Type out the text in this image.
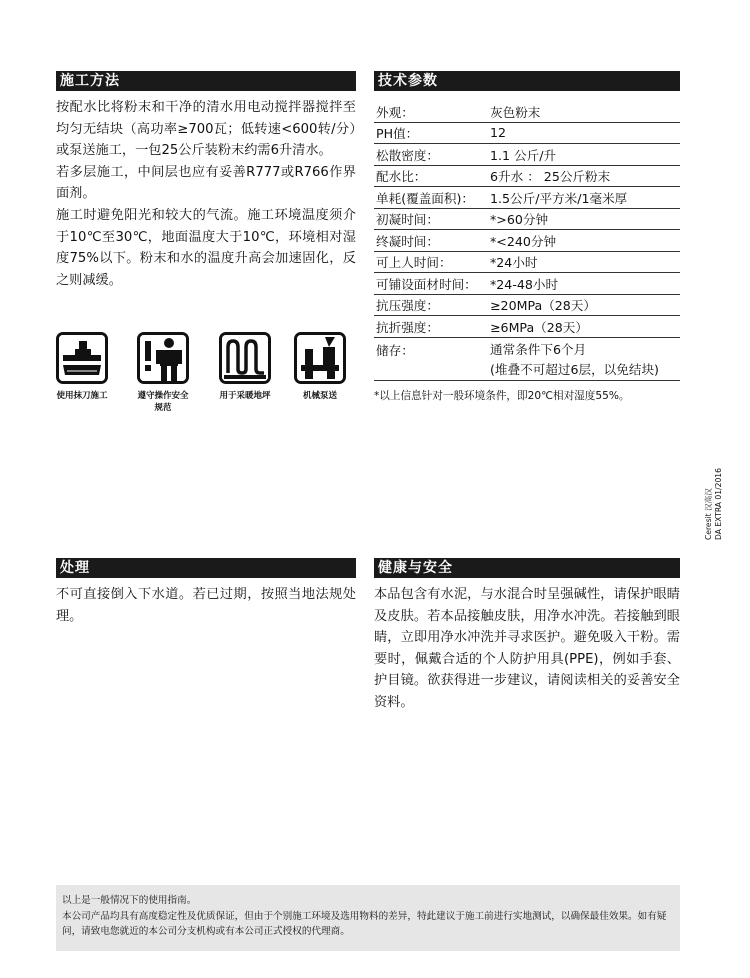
施工方法

按配水比将粉末和干净的清水用电动搅拌器搅拌至均匀无结块（高功率≥700瓦；低转速<600转/分）或泵送施工，一包25公斤装粉末约需6升清水。

若多层施工，中间层也应有妥善R777或R766作界面剂。

施工时避免阳光和较大的气流。施工环境温度须介于10℃至30℃，地面温度大于10℃，环境相对湿度75%以下。粉末和水的温度升高会加速固化，反之则减缓。

使用抹刀施工	遵守操作安全规范
用于采暖地坪	机械泵送
技术参数
外观：	灰色粉末
PH值：	12
松散密度：	1.1 公斤/升
配水比：	6升水 ： 25公斤粉末
单耗(覆盖面积)：	1.5公斤/平方米/1毫米厚
初凝时间：	*>60分钟
终凝时间：	*<240分钟
可上人时间：	*24小时
可铺设面材时间：	*24-48小时
抗压强度：	≥20MPa（28天）
抗折强度：	≥6MPa（28天）
储存：	通常条件下6个月
(堆叠不可超过6层，以免结块)
*以上信息针对一般环境条件，即20℃相对湿度55%。
Ceresit 汉高汉 DA EXTRA 01/2016
处理
不可直接倒入下水道。若已过期，按照当地法规处理。
健康与安全
本品包含有水泥，与水混合时呈强碱性，请保护眼睛及皮肤。若本品接触皮肤，用净水冲洗。若接触到眼睛，立即用净水冲洗并寻求医护。避免吸入干粉。需要时，佩戴合适的个人防护用具(PPE)，例如手套、护目镜。欲获得进一步建议，请阅读相关的妥善安全资料。

以上是一般情况下的使用指南。

本公司产品均具有高度稳定性及优质保证，但由于个别施工环境及选用物料的差异，特此建议于施工前进行实地测试，以确保最佳效果。如有疑问，请致电您就近的本公司分支机构或有本公司正式授权的代理商。
